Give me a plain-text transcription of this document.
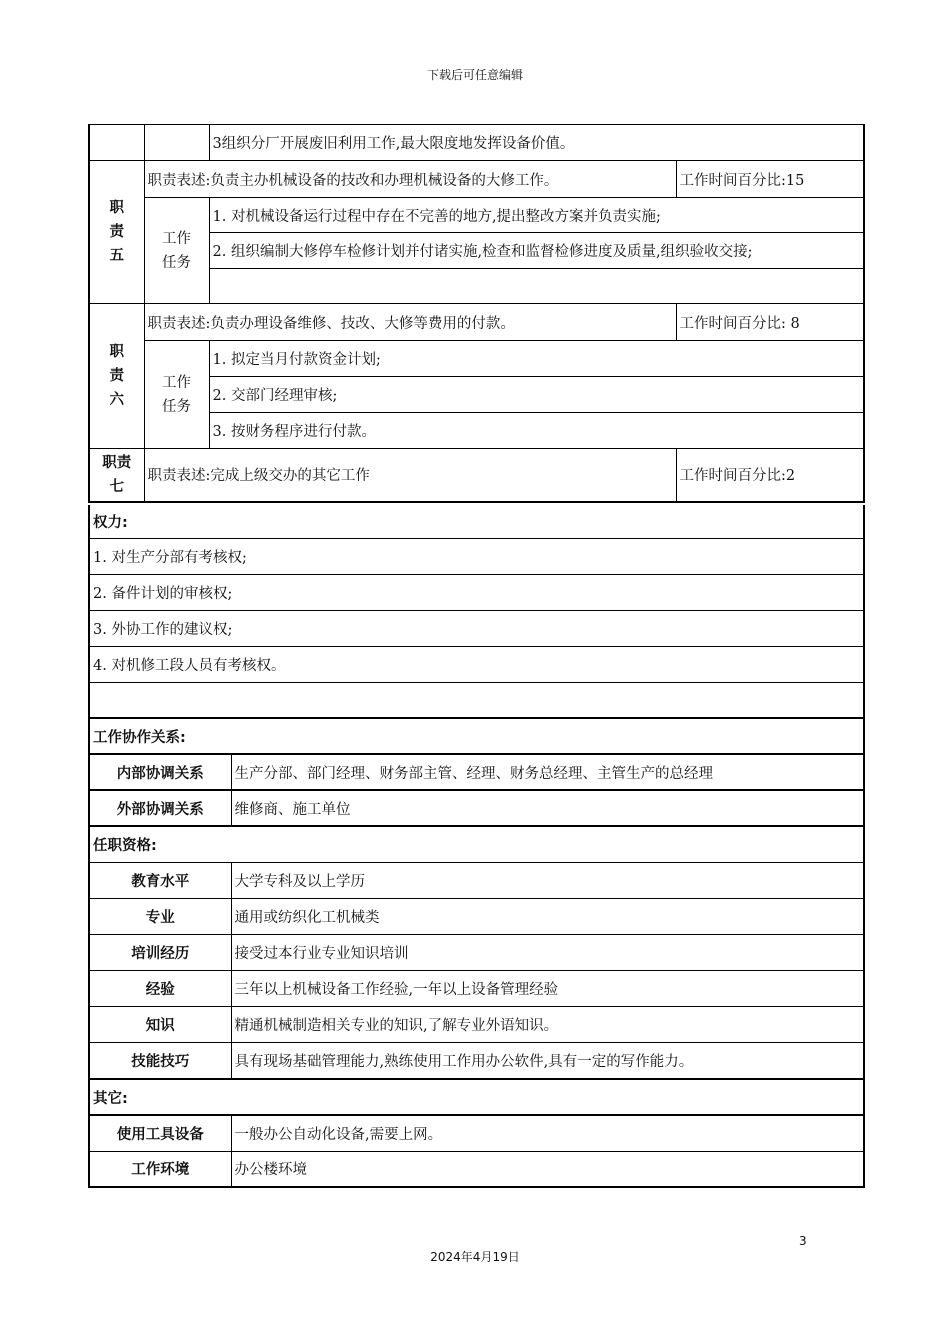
下载后可任意编辑
		3组织分厂开展废旧利用工作,最大限度地发挥设备价值。	
职
责
五	职责表述:负责主办机械设备的技改和办理机械设备的大修工作。		工作时间百分比:15
	工作
任务	1. 对机械设备运行过程中存在不完善的地方,提出整改方案并负责实施;	
		2. 组织编制大修停车检修计划并付诸实施,检查和监督检修进度及质量,组织验收交接;	

职
责
六	职责表述:负责办理设备维修、技改、大修等费用的付款。		工作时间百分比: 8
	工作
任务	1. 拟定当月付款资金计划;	
		2. 交部门经理审核;	
		3. 按财务程序进行付款。	
职责
七	职责表述:完成上级交办的其它工作		工作时间百分比:2
权力:	
1. 对生产分部有考核权;	
2. 备件计划的审核权;	
3. 外协工作的建议权;	
4. 对机修工段人员有考核权。	

工作协作关系:	
内部协调关系	生产分部、部门经理、财务部主管、经理、财务总经理、主管生产的总经理
外部协调关系	维修商、施工单位
任职资格:	
教育水平	大学专科及以上学历
专业	通用或纺织化工机械类
培训经历	接受过本行业专业知识培训
经验	三年以上机械设备工作经验,一年以上设备管理经验
知识	精通机械制造相关专业的知识,了解专业外语知识。
技能技巧	具有现场基础管理能力,熟练使用工作用办公软件,具有一定的写作能力。
其它:	
使用工具设备	一般办公自动化设备,需要上网。
工作环境	办公楼环境
3
2024年4月19日
